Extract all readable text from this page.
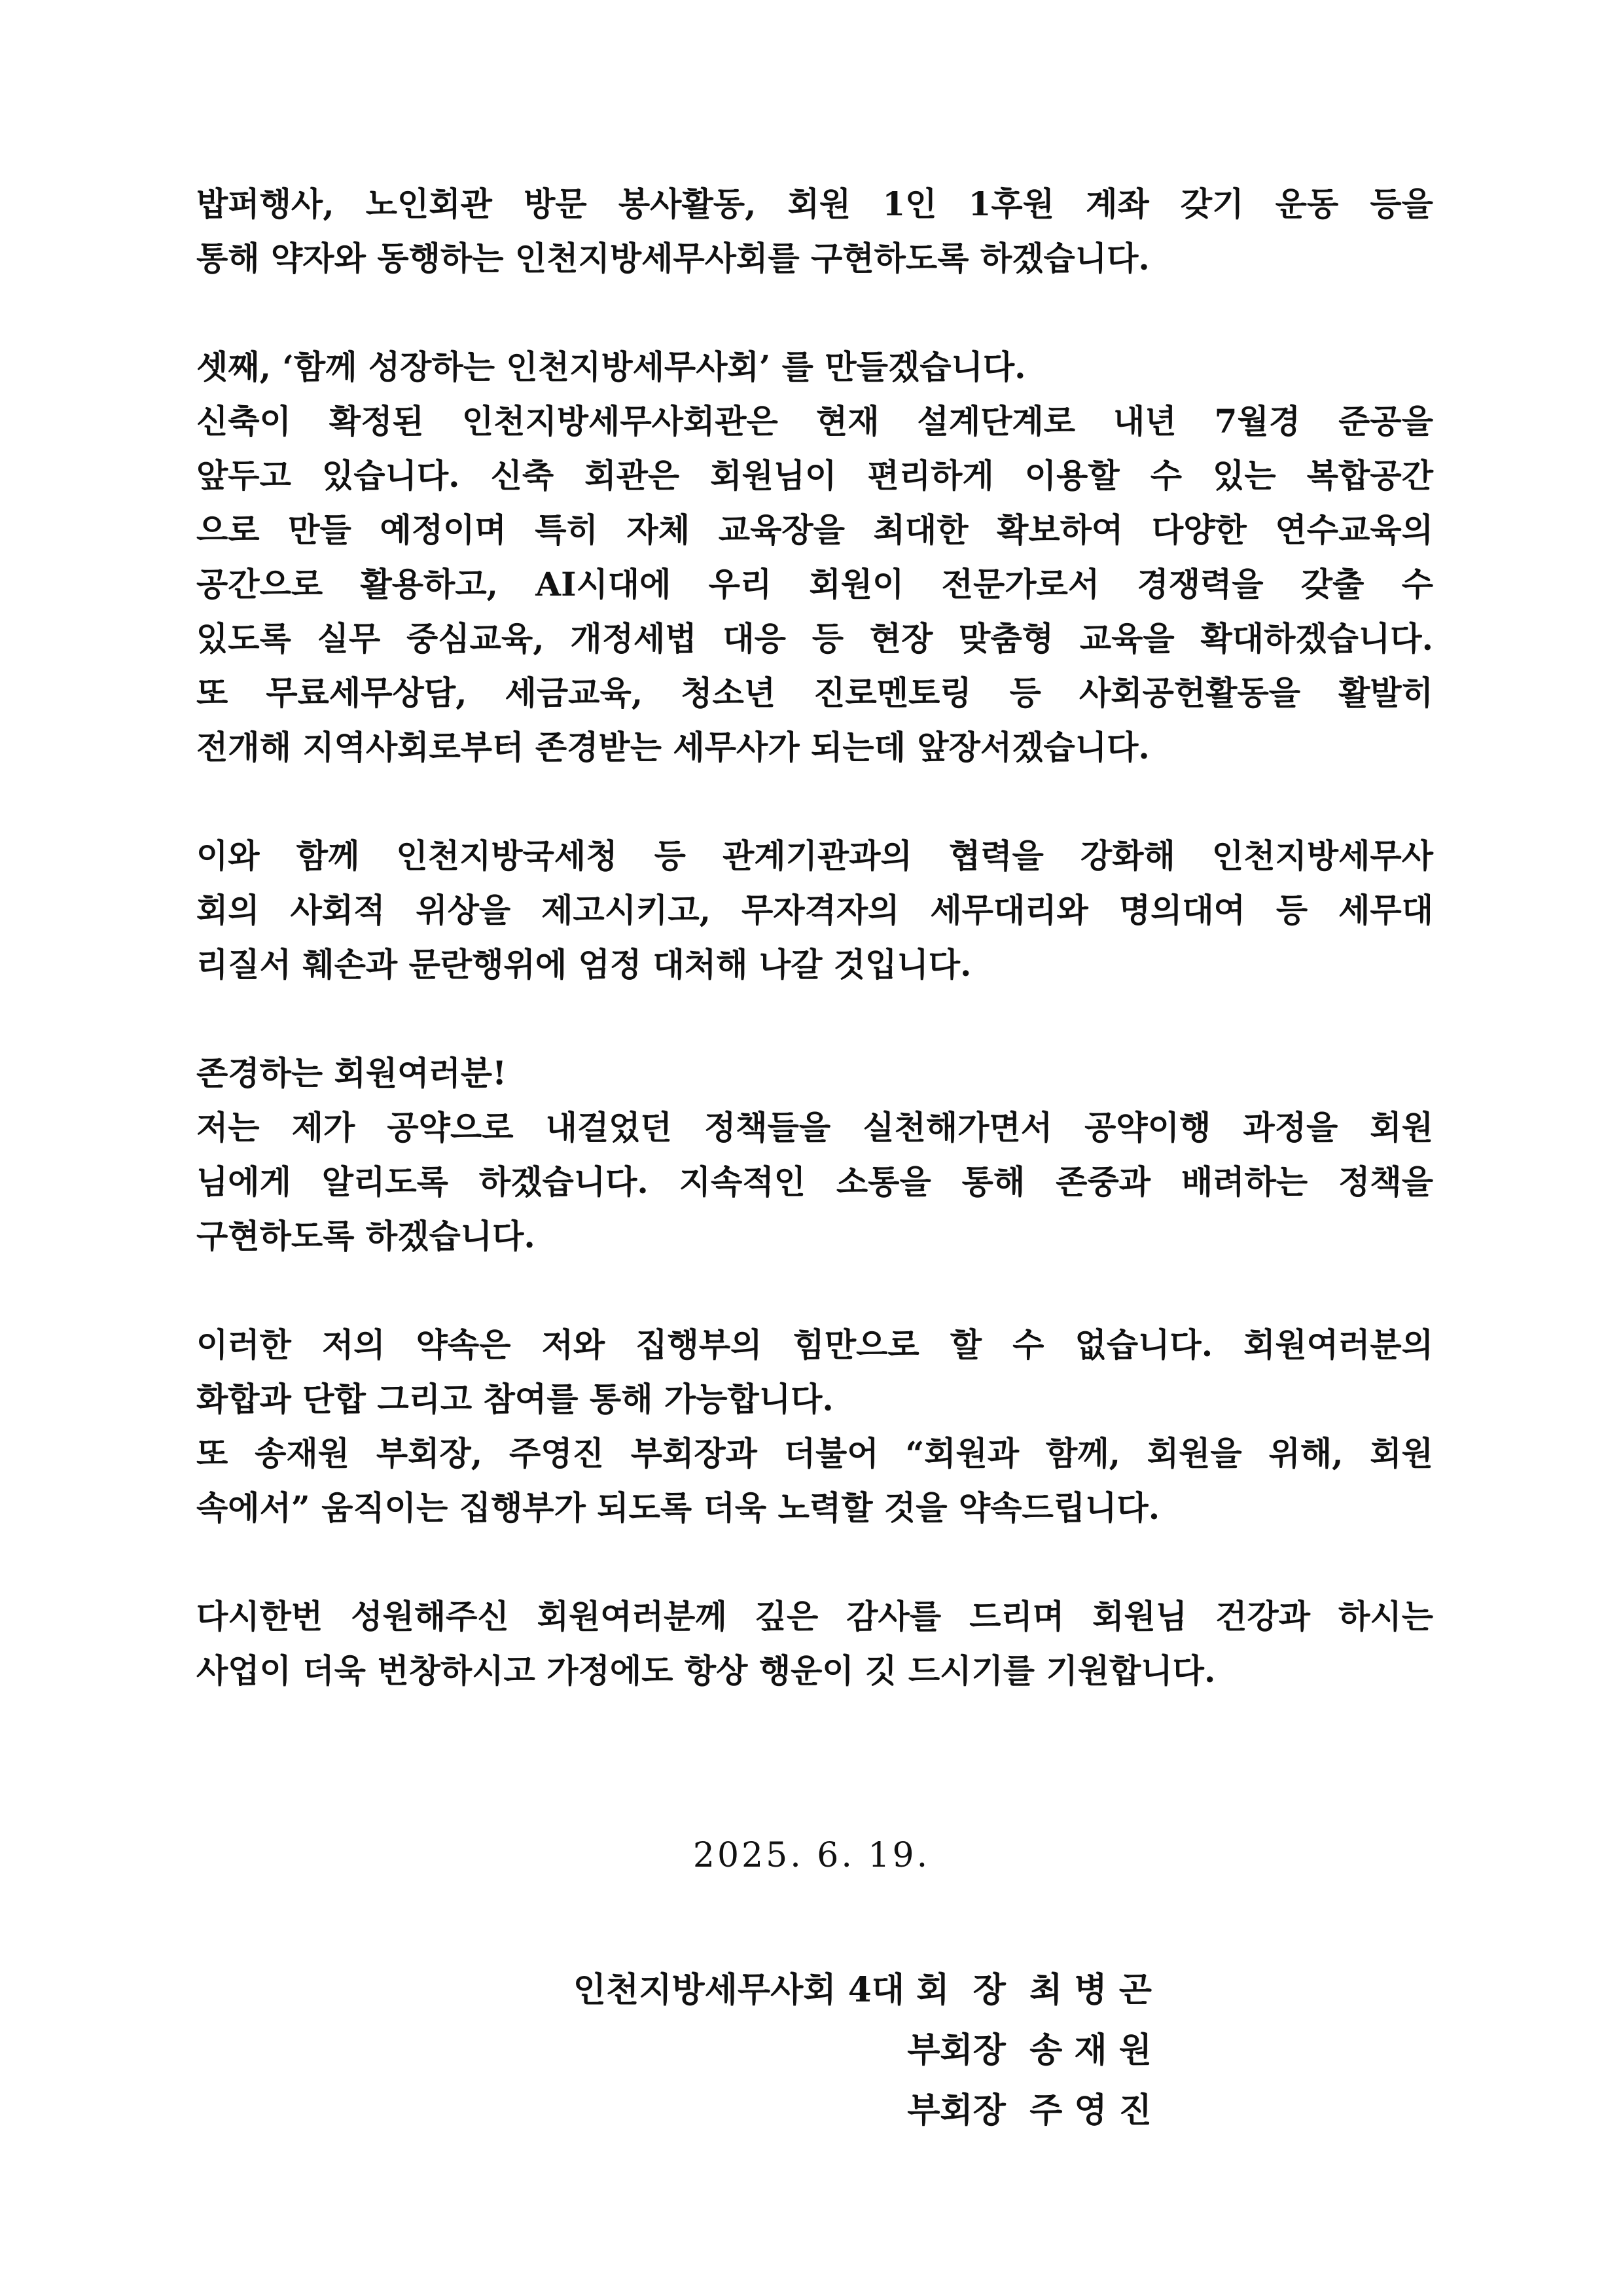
밥퍼행사, 노인회관 방문 봉사활동, 회원 1인 1후원 계좌 갖기 운동 등을
통해 약자와 동행하는 인천지방세무사회를 구현하도록 하겠습니다.
셋째, ‘함께 성장하는 인천지방세무사회’ 를 만들겠습니다.
신축이 확정된 인천지방세무사회관은 현재 설계단계로 내년 7월경 준공을
앞두고 있습니다. 신축 회관은 회원님이 편리하게 이용할 수 있는 복합공간
으로 만들 예정이며 특히 자체 교육장을 최대한 확보하여 다양한 연수교육의
공간으로 활용하고, AI시대에 우리 회원이 전문가로서 경쟁력을 갖출 수
있도록 실무 중심교육, 개정세법 대응 등 현장 맞춤형 교육을 확대하겠습니다.
또 무료세무상담, 세금교육, 청소년 진로멘토링 등 사회공헌활동을 활발히
전개해 지역사회로부터 존경받는 세무사가 되는데 앞장서겠습니다.
이와 함께 인천지방국세청 등 관계기관과의 협력을 강화해 인천지방세무사
회의 사회적 위상을 제고시키고, 무자격자의 세무대리와 명의대여 등 세무대
리질서 훼손과 문란행위에 엄정 대처해 나갈 것입니다.
존경하는 회원여러분!
저는 제가 공약으로 내걸었던 정책들을 실천해가면서 공약이행 과정을 회원
님에게 알리도록 하겠습니다. 지속적인 소통을 통해 존중과 배려하는 정책을
구현하도록 하겠습니다.
이러한 저의 약속은 저와 집행부의 힘만으로 할 수 없습니다. 회원여러분의
화합과 단합 그리고 참여를 통해 가능합니다.
또 송재원 부회장, 주영진 부회장과 더불어 “회원과 함께, 회원을 위해, 회원
속에서” 움직이는 집행부가 되도록 더욱 노력할 것을 약속드립니다.
다시한번 성원해주신 회원여러분께 깊은 감사를 드리며 회원님 건강과 하시는
사업이 더욱 번창하시고 가정에도 항상 행운이 깃 드시기를 기원합니다.
2025. 6. 19.
인천지방세무사회 4대 회  장  최 병 곤
부회장  송 재 원
부회장  주 영 진
